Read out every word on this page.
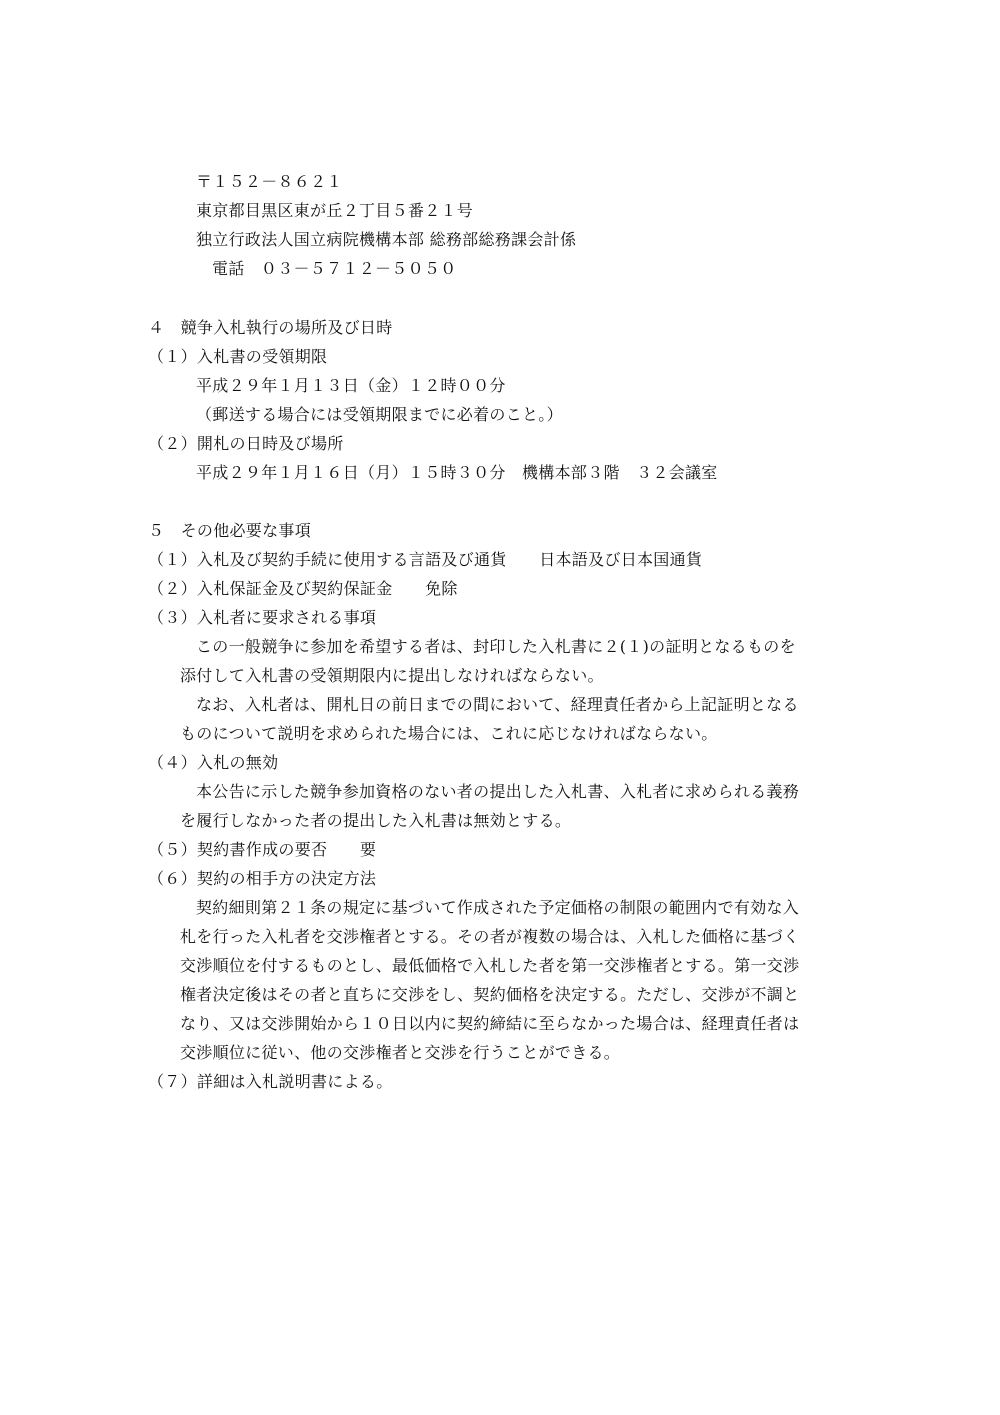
〒１５２－８６２１
東京都目黒区東が丘２丁目５番２１号
独立行政法人国立病院機構本部 総務部総務課会計係
電話　０３－５７１２－５０５０
４　競争入札執行の場所及び日時
（１）入札書の受領期限
平成２９年１月１３日（金）１２時００分
（郵送する場合には受領期限までに必着のこと。）
（２）開札の日時及び場所
平成２９年１月１６日（月）１５時３０分　機構本部３階　３２会議室
５　その他必要な事項
（１）入札及び契約手続に使用する言語及び通貨　　日本語及び日本国通貨
（２）入札保証金及び契約保証金　　免除
（３）入札者に要求される事項
この一般競争に参加を希望する者は、封印した入札書に２(１)の証明となるものを
添付して入札書の受領期限内に提出しなければならない。
なお、入札者は、開札日の前日までの間において、経理責任者から上記証明となる
ものについて説明を求められた場合には、これに応じなければならない。
（４）入札の無効
本公告に示した競争参加資格のない者の提出した入札書、入札者に求められる義務
を履行しなかった者の提出した入札書は無効とする。
（５）契約書作成の要否　　要
（６）契約の相手方の決定方法
契約細則第２１条の規定に基づいて作成された予定価格の制限の範囲内で有効な入
札を行った入札者を交渉権者とする。その者が複数の場合は、入札した価格に基づく
交渉順位を付するものとし、最低価格で入札した者を第一交渉権者とする。第一交渉
権者決定後はその者と直ちに交渉をし、契約価格を決定する。ただし、交渉が不調と
なり、又は交渉開始から１０日以内に契約締結に至らなかった場合は、経理責任者は
交渉順位に従い、他の交渉権者と交渉を行うことができる。
（７）詳細は入札説明書による。
